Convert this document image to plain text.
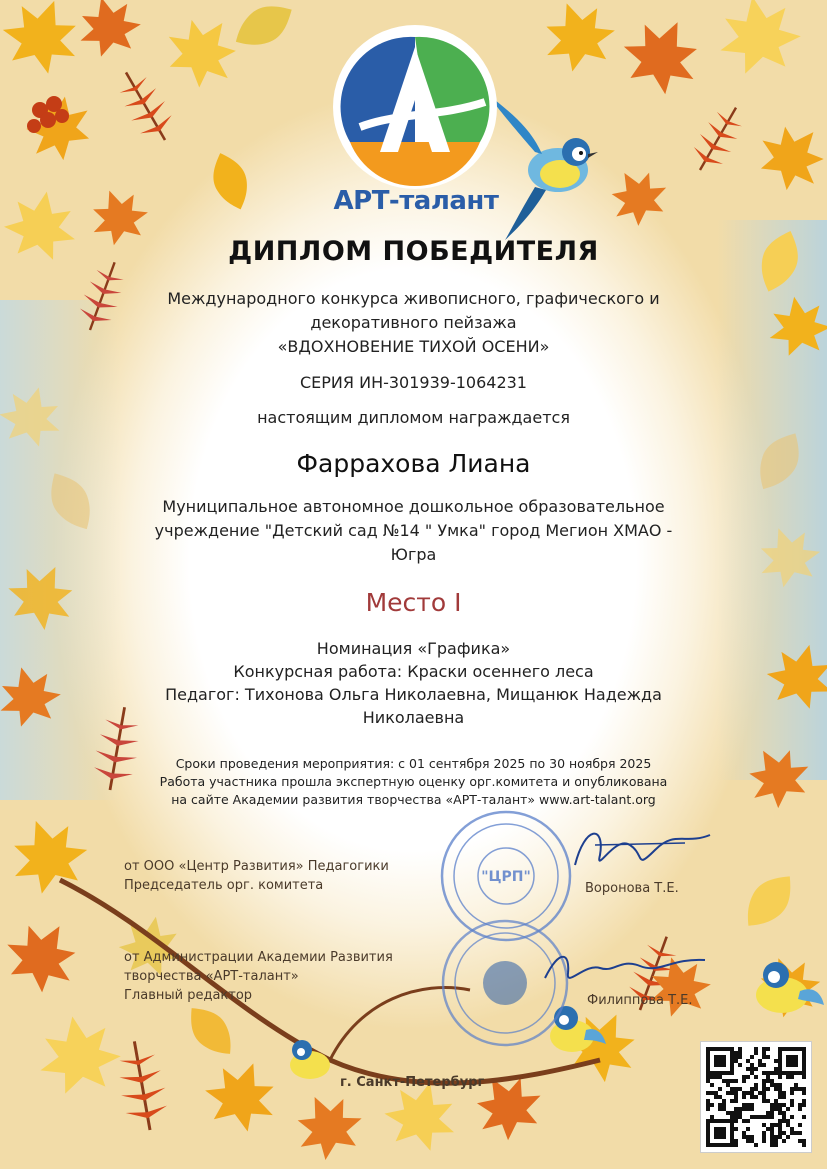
АРТ-талант
ДИПЛОМ ПОБЕДИТЕЛЯ
Международного конкурса живописного, графического и
декоративного пейзажа
«ВДОХНОВЕНИЕ ТИХОЙ ОСЕНИ»
СЕРИЯ ИН-301939-1064231
настоящим дипломом награждается
Фаррахова Лиана
Муниципальное автономное дошкольное образовательное
учреждение "Детский сад №14 " Умка" город Мегион ХМАО -
Югра
Место I
Номинация «Графика»
Конкурсная работа: Краски осеннего леса
Педагог: Тихонова Ольга Николаевна, Мищанюк Надежда
Николаевна
Сроки проведения мероприятия: с 01 сентября 2025 по 30 ноября 2025
Работа участника прошла экспертную оценку орг.комитета и опубликована
на сайте Академии развития творчества «АРТ-талант» www.art-talant.org
"ЦРП"
от ООО «Центр Развития» Педагогики
Председатель орг. комитета	Воронова Т.Е.
от Администрации Академии Развития
творчества «АРТ-талант»
Главный редактор	Филиппова Т.Е.
г. Санкт-Петербург
